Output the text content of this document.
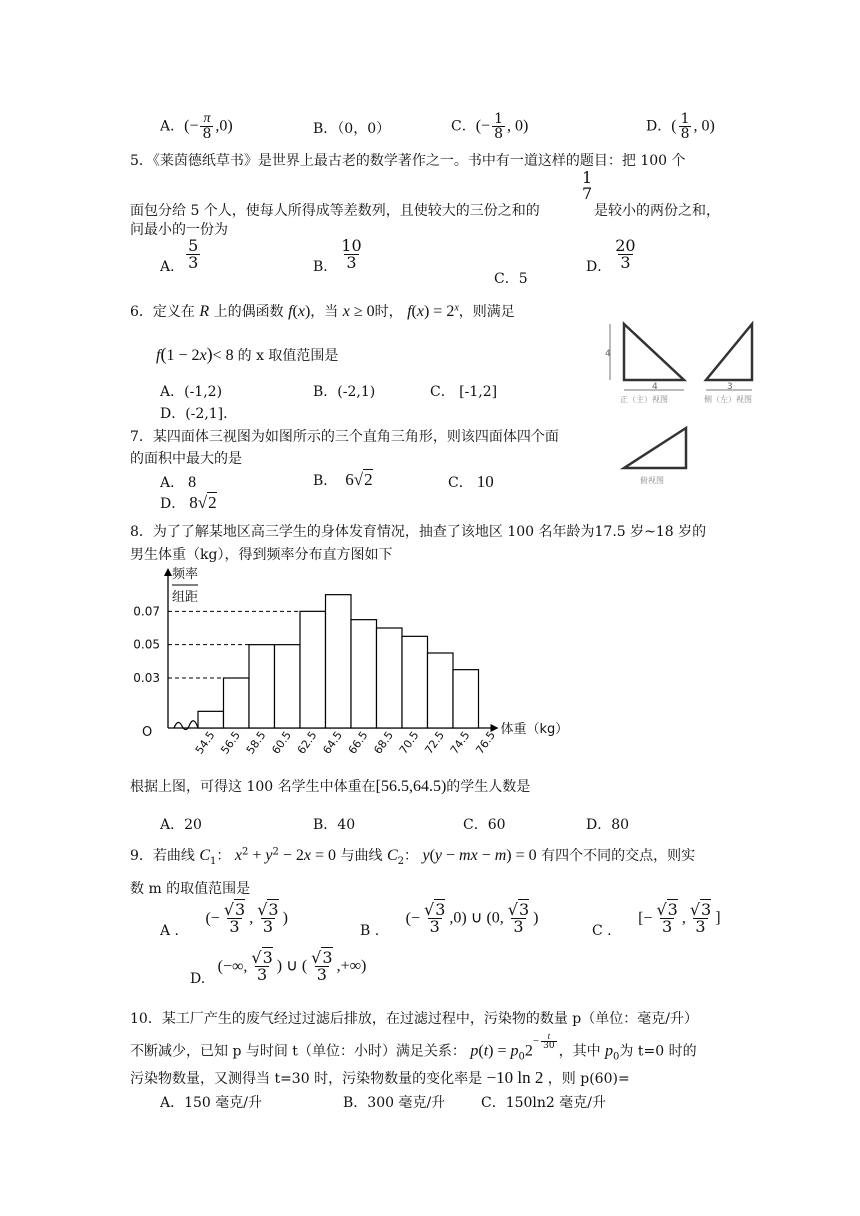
A．(− $\frac{\pi}{8} ,0$)	B．（0，0）	C．(− $\frac{1}{8}$ , 0)	D．( $\frac{1}{8}$ , 0)
5．《莱茵德纸草书》是世界上最古老的数学著作之一。书中有一道这样的题目：把 100 个
面包分给 5 个人，使每人所得成等差数列，且使较大的三份之和的
1
7
是较小的两份之和，
问最小的一份为
A． $\frac{5}{3}$	B． $\frac{10}{3}$
C．5
D． $\frac{20}{3}$
6．定义在 R 上的偶函数 f(x)，当 x ≥ 0时， $f(x) = 2^x$，则满足
f(1 − 2x)< 8 的 x 取值范围是
A．(-1,2)	B．(-2,1)	C． [-1,2]
D．(-2,1].
4
4	3
正（主）视图	侧（左）视图
俯视图
7．某四面体三视图为如图所示的三个直角三角形，则该四面体四个面
的面积中最大的是
A． 8	B． 6√2	C． 10
D． 8√2
8．为了了解某地区高三学生的身体发育情况，抽查了该地区 100 名年龄为17.5 岁~18 岁的
男生体重（kg），得到频率分布直方图如下
0.07
0.05
0.03
54.5 56.5 58.5 60.5 62.5 64.5 66.5 68.5 70.5 72.5 74.5 76.5
O
频率
组距
体重（kg）
根据上图，可得这 100 名学生中体重在[56.5,64.5)的学生人数是
A．20	B．40	C．60	D．80
9．若曲线 $C_1$： $x^2 + y^2 - 2x = 0$ 与曲线 $C_2$： y(y − mx − m) = 0 有四个不同的交点，则实
数 m 的取值范围是
A . (− $\frac{√3}{3}$ , $\frac{√3}{3}$ )
B . (− $\frac{√3}{3} ,0$) ∪ (0, $\frac{√3}{3}$ )
C . [− $\frac{√3}{3}$ , $\frac{√3}{3}$ ]
D. (−∞, $\frac{√3}{3}$ ) ∪ ( $\frac{√3}{3}$ ,+∞)
10．某工厂产生的废气经过过滤后排放，在过滤过程中，污染物的数量 p（单位：毫克/升）
不断减少，已知 p 与时间 t（单位：小时）满足关系： $p(t) = p_02^{- \frac{t}{30}}$
，其中 $p_0$为 t=0 时的
污染物数量，又测得当 t=30 时，污染物数量的变化率是 −10 ln 2 ，则 p(60)=
A．150 毫克/升	B．300 毫克/升	C．150ln2 毫克/升
